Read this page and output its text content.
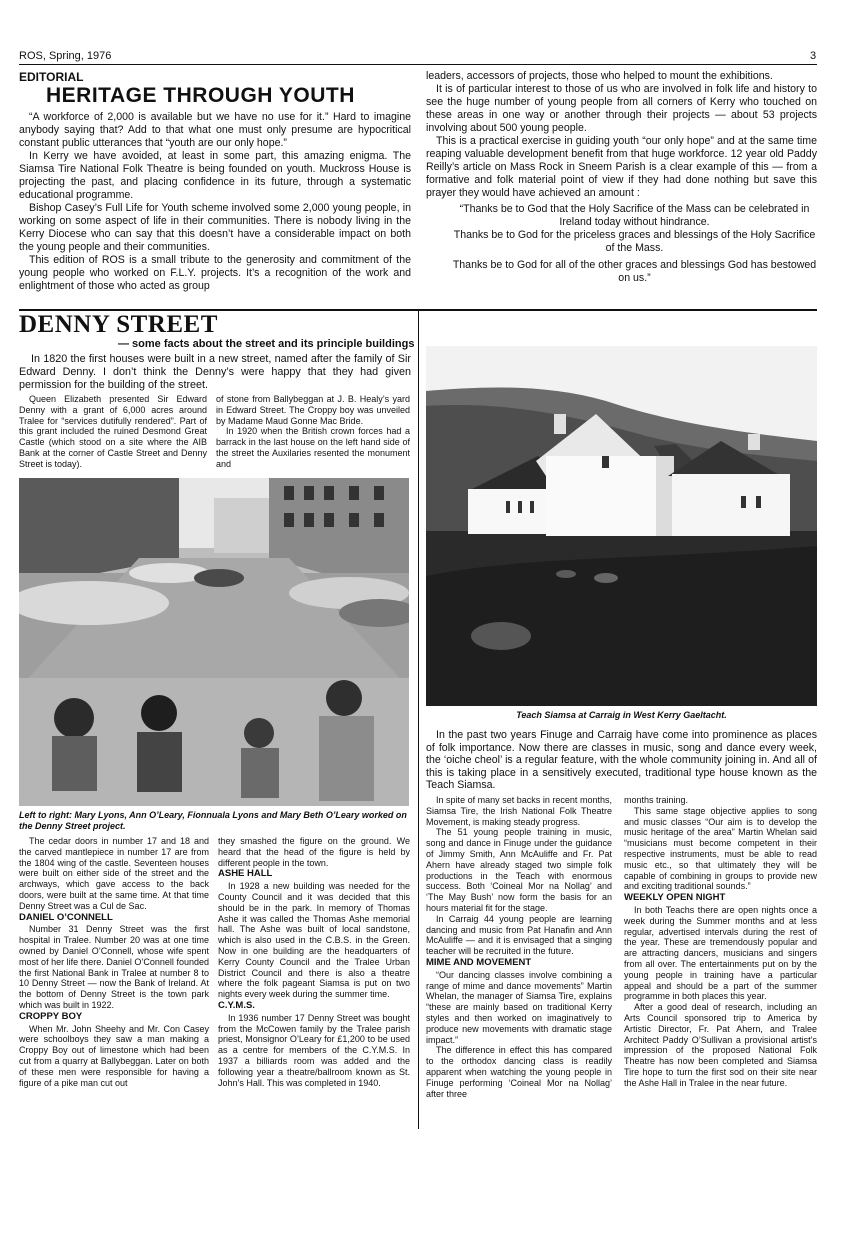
ROS, Spring, 1976	3
EDITORIAL
HERITAGE THROUGH YOUTH

“A workforce of 2,000 is available but we have no use for it.” Hard to imagine anybody saying that? Add to that what one must only presume are hypocritical constant public utterances that “youth are our only hope.”

In Kerry we have avoided, at least in some part, this amazing enigma. The Siamsa Tire National Folk Theatre is being founded on youth. Muckross House is projecting the past, and placing confidence in its future, through a systematic educational programme.

Bishop Casey’s Full Life for Youth scheme involved some 2,000 young people, in working on some aspect of life in their communities. There is nobody living in the Kerry Diocese who can say that this doesn’t have a considerable impact on both the young people and their communities.

This edition of ROS is a small tribute to the generosity and commitment of the young people who worked on F.L.Y. projects. It’s a recognition of the work and enlightment of those who acted as group

leaders, accessors of projects, those who helped to mount the exhibitions.

It is of particular interest to those of us who are involved in folk life and history to see the huge number of young people from all corners of Kerry who touched on these areas in one way or another through their projects — about 53 projects involving about 500 young people.

This is a practical exercise in guiding youth “our only hope” and at the same time reaping valuable development benefit from that huge workforce. 12 year old Paddy Reilly’s article on Mass Rock in Sneem Parish is a clear example of this — from a formative and folk material point of view if they had done nothing but save this prayer they would have achieved an amount :

“Thanks be to God that the Holy Sacrifice of the Mass can be celebrated in Ireland today without hindrance.

Thanks be to God for the priceless graces and blessings of the Holy Sacrifice of the Mass.

Thanks be to God for all of the other graces and blessings God has bestowed on us.”

DENNY STREET
— some facts about the street and its principle buildings

In 1820 the first houses were built in a new street, named after the family of Sir Edward Denny. I don’t think the Denny’s were happy that they had given permission for the building of the street.

Queen Elizabeth presented Sir Edward Denny with a grant of 6,000 acres around Tralee for “services dutifully rendered”. Part of this grant included the ruined Desmond Great Castle (which stood on a site where the AIB Bank at the corner of Castle Street and Denny Street is today).

of stone from Ballybeggan at J. B. Healy’s yard in Edward Street. The Croppy boy was unveiled by Madame Maud Gonne Mac Bride.

In 1920 when the British crown forces had a barrack in the last house on the left hand side of the street the Auxilaries resented the monument and

Left to right: Mary Lyons, Ann O’Leary, Fionnuala Lyons and Mary Beth O’Leary worked on the Denny Street project.

The cedar doors in number 17 and 18 and the carved mantlepiece in number 17 are from the 1804 wing of the castle. Seventeen houses were built on either side of the street and the archways, which gave access to the back doors, were built at the same time. At that time Denny Street was a Cul de Sac.

DANIEL O’CONNELL

Number 31 Denny Street was the first hospital in Tralee. Number 20 was at one time owned by Daniel O’Connell, whose wife spent most of her life there. Daniel O’Connell founded the first National Bank in Tralee at number 8 to 10 Denny Street — now the Bank of Ireland. At the bottom of Denny Street is the town park which was built in 1922.

CROPPY BOY

When Mr. John Sheehy and Mr. Con Casey were schoolboys they saw a man making a Croppy Boy out of limestone which had been cut from a quarry at Ballybeggan. Later on both of these men were responsible for having a figure of a pike man cut out

they smashed the figure on the ground. We heard that the head of the figure is held by different people in the town.

ASHE HALL

In 1928 a new building was needed for the County Council and it was decided that this should be in the park. In memory of Thomas Ashe it was called the Thomas Ashe memorial hall. The Ashe was built of local sandstone, which is also used in the C.B.S. in the Green. Now in one building are the headquarters of Kerry County Council and the Tralee Urban District Council and there is also a theatre where the folk pageant Siamsa is put on two nights every week during the summer time.

C.Y.M.S.

In 1936 number 17 Denny Street was bought from the McCowen family by the Tralee parish priest, Monsignor O’Leary for £1,200 to be used as a centre for members of the C.Y.M.S. In 1937 a billiards room was added and the following year a theatre/ballroom known as St. John’s Hall. This was completed in 1940.

Teach Siamsa at Carraig in West Kerry Gaeltacht.

In the past two years Finuge and Carraig have come into prominence as places of folk importance. Now there are classes in music, song and dance every week, the ‘oiche cheol’ is a regular feature, with the whole community joining in. And all of this is taking place in a sensitively executed, traditional type house known as the Teach Siamsa.

In spite of many set backs in recent months, Siamsa Tire, the Irish National Folk Theatre Movement, is making steady progress.

The 51 young people training in music, song and dance in Finuge under the guidance of Jimmy Smith, Ann McAuliffe and Fr. Pat Ahern have already staged two simple folk productions in the Teach with enormous success. Both ‘Coineal Mor na Nollag’ and ‘The May Bush’ now form the basis for an hours material fit for the stage.

In Carraig 44 young people are learning dancing and music from Pat Hanafin and Ann McAuliffe — and it is envisaged that a singing teacher will be recruited in the future.

MIME AND MOVEMENT

“Our dancing classes involve combining a range of mime and dance movements” Martin Whelan, the manager of Siamsa Tire, explains “these are mainly based on traditional Kerry styles and then worked on imaginatively to produce new movements with dramatic stage impact.”

The difference in effect this has compared to the orthodox dancing class is readily apparent when watching the young people in Finuge performing ‘Coineal Mor na Nollag’ after three

months training.

This same stage objective applies to song and music classes “Our aim is to develop the music heritage of the area” Martin Whelan said “musicians must become competent in their respective instruments, must be able to read music etc., so that ultimately they will be capable of combining in groups to provide new and exciting traditional sounds.”

WEEKLY OPEN NIGHT

In both Teachs there are open nights once a week during the Summer months and at less regular, advertised intervals during the rest of the year. These are tremendously popular and are attracting dancers, musicians and singers from all over. The entertainments put on by the young people in training have a particular appeal and should be a part of the summer programme in both places this year.

After a good deal of research, including an Arts Council sponsored trip to America by Artistic Director, Fr. Pat Ahern, and Tralee Architect Paddy O’Sullivan a provisional artist’s impression of the proposed National Folk Theatre has now been completed and Siamsa Tire hope to turn the first sod on their site near the Ashe Hall in Tralee in the near future.
